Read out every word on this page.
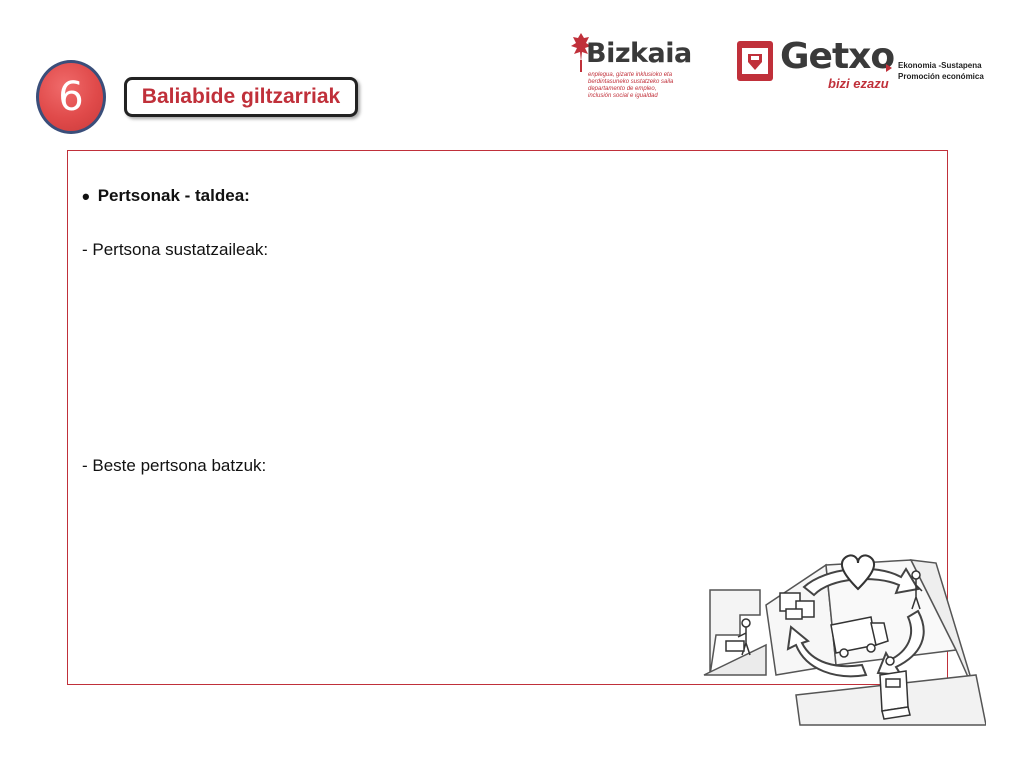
6	Baliabide giltzarriak
Bizkaia
enplegua, gizarte inklusioko eta
berdintasuneko sustatzeko saila
departamento de empleo,
inclusión social e igualdad
Getxo
bizi ezazu
Ekonomia -Sustapena
Promoción económica
• Pertsonak - taldea:
- Pertsona sustatzaileak:
- Beste pertsona batzuk:
